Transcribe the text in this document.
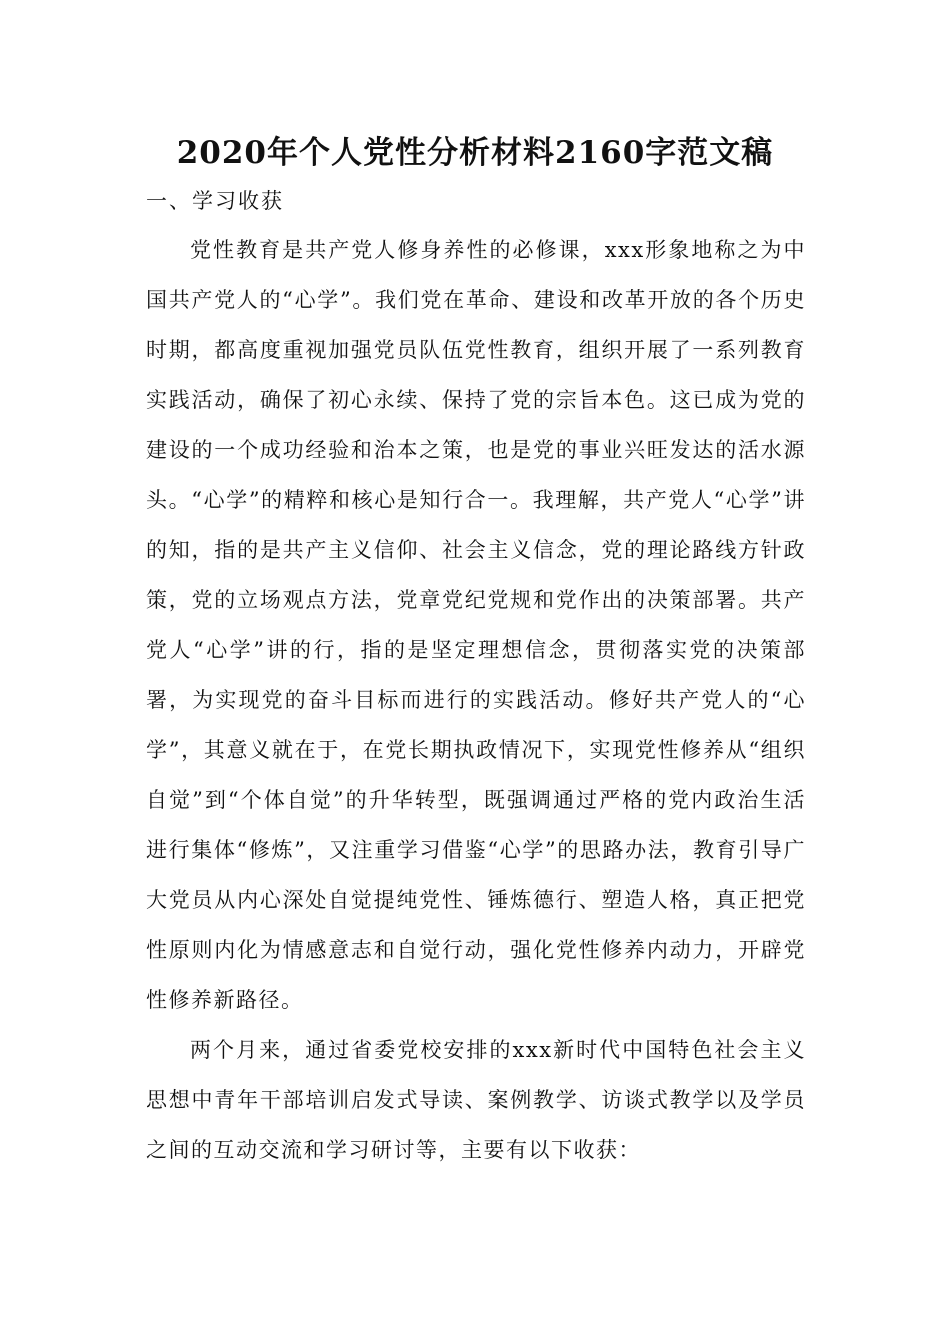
2020年个人党性分析材料2160字范文稿
一、学习收获

党性教育是共产党人修身养性的必修课，xxx形象地称之为中国共产党人的“心学”。我们党在革命、建设和改革开放的各个历史时期，都高度重视加强党员队伍党性教育，组织开展了一系列教育实践活动，确保了初心永续、保持了党的宗旨本色。这已成为党的建设的一个成功经验和治本之策，也是党的事业兴旺发达的活水源头。“心学”的精粹和核心是知行合一。我理解，共产党人“心学”讲的知，指的是共产主义信仰、社会主义信念，党的理论路线方针政策，党的立场观点方法，党章党纪党规和党作出的决策部署。共产党人“心学”讲的行，指的是坚定理想信念，贯彻落实党的决策部署，为实现党的奋斗目标而进行的实践活动。修好共产党人的“心学”，其意义就在于，在党长期执政情况下，实现党性修养从“组织自觉”到“个体自觉”的升华转型，既强调通过严格的党内政治生活进行集体“修炼”，又注重学习借鉴“心学”的思路办法，教育引导广大党员从内心深处自觉提纯党性、锤炼德行、塑造人格，真正把党性原则内化为情感意志和自觉行动，强化党性修养内动力，开辟党性修养新路径。

两个月来，通过省委党校安排的xxx新时代中国特色社会主义思想中青年干部培训启发式导读、案例教学、访谈式教学以及学员之间的互动交流和学习研讨等，主要有以下收获：
